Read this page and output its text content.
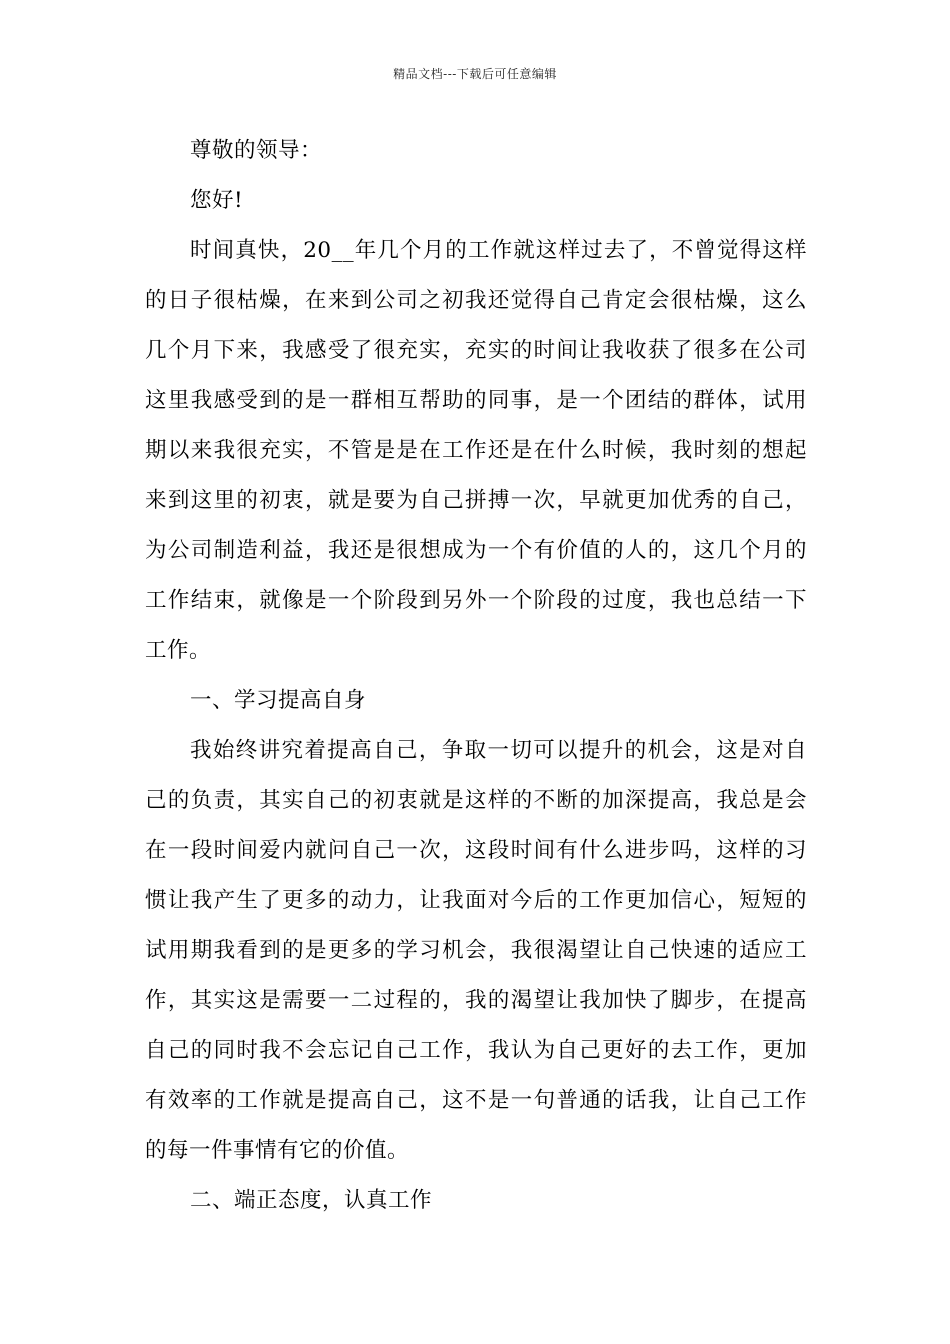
精品文档---下载后可任意编辑
尊敬的领导：
您好!
时间真快，20__年几个月的工作就这样过去了，不曾觉得这样
的日子很枯燥，在来到公司之初我还觉得自己肯定会很枯燥，这么
几个月下来，我感受了很充实，充实的时间让我收获了很多在公司
这里我感受到的是一群相互帮助的同事，是一个团结的群体，试用
期以来我很充实，不管是是在工作还是在什么时候，我时刻的想起
来到这里的初衷，就是要为自己拼搏一次，早就更加优秀的自己，
为公司制造利益，我还是很想成为一个有价值的人的，这几个月的
工作结束，就像是一个阶段到另外一个阶段的过度，我也总结一下
工作。
一、学习提高自身
我始终讲究着提高自己，争取一切可以提升的机会，这是对自
己的负责，其实自己的初衷就是这样的不断的加深提高，我总是会
在一段时间爱内就问自己一次，这段时间有什么进步吗，这样的习
惯让我产生了更多的动力，让我面对今后的工作更加信心，短短的
试用期我看到的是更多的学习机会，我很渴望让自己快速的适应工
作，其实这是需要一二过程的，我的渴望让我加快了脚步，在提高
自己的同时我不会忘记自己工作，我认为自己更好的去工作，更加
有效率的工作就是提高自己，这不是一句普通的话我，让自己工作
的每一件事情有它的价值。
二、端正态度，认真工作
